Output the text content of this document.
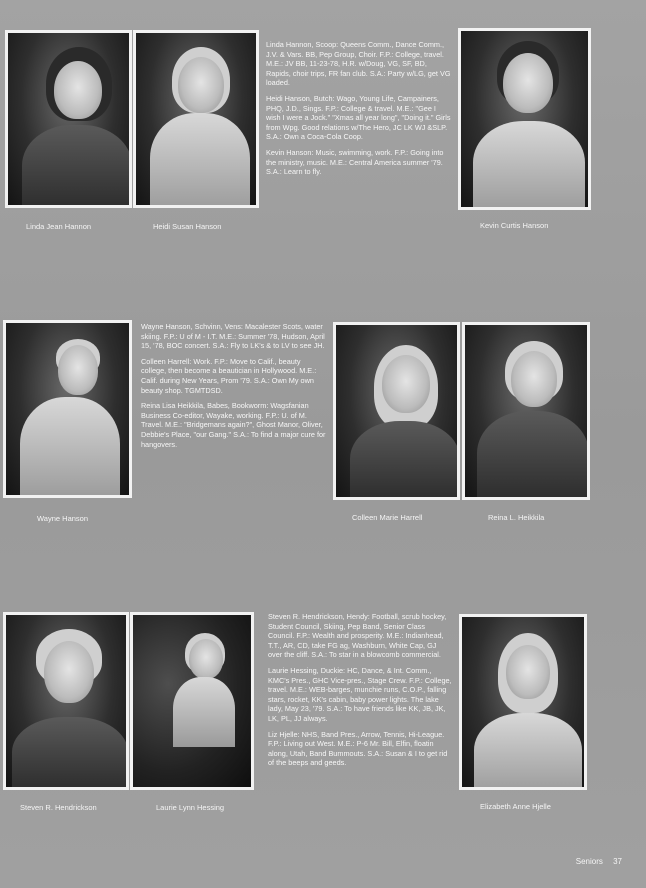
Linda Hannon, Scoop: Queens Comm., Dance Comm., J.V. & Vars. BB, Pep Group, Choir. F.P.: College, travel. M.E.: JV BB, 11-23-78, H.R. w/Doug, VG, SF, BD, Rapids, choir trips, FR fan club. S.A.: Party w/LG, get VG loaded.

Heidi Hanson, Butch: Wago, Young Life, Campainers, PHQ, J.D., Sings. F.P.: College & travel. M.E.: "Gee I wish I were a Jock." "Xmas all year long", "Doing it." Girls from Wpg. Good relations w/The Hero, JC LK WJ &SLP. S.A.: Own a Coca-Cola Coop.

Kevin Hanson: Music, swimming, work. F.P.: Going into the ministry, music. M.E.: Central America summer '79. S.A.: Learn to fly.

Linda Jean Hannon	Heidi Susan Hanson	Kevin Curtis Hanson

Wayne Hanson, Schvinn, Vens: Macalester Scots, water skiing. F.P.: U of M - I.T. M.E.: Summer '78, Hudson, April 15, '78, BOC concert. S.A.: Fly to LK's & to LV to see JH.

Colleen Harrell: Work. F.P.: Move to Calif., beauty college, then become a beautician in Hollywood. M.E.: Calif. during New Years, Prom '79. S.A.: Own My own beauty shop. TGMTDSD.

Reina Lisa Heikkila, Babes, Bookworm: Wagsfanian Business Co-editor, Wayake, working. F.P.: U. of M. Travel. M.E.: "Bridgemans again?", Ghost Manor, Oliver, Debbie's Place, "our Gang." S.A.: To find a major cure for hangovers.

Wayne Hanson	Colleen Marie Harrell	Reina L. Heikkila

Steven R. Hendrickson, Hendy: Football, scrub hockey, Student Council, Skiing, Pep Band, Senior Class Council. F.P.: Wealth and prosperity. M.E.: Indianhead, T.T., AR, CD, take FG ag, Washburn, White Cap, GJ over the cliff. S.A.: To star in a blowcomb commercial.

Laurie Hessing, Duckie: HC, Dance, & Int. Comm., KMC's Pres., GHC Vice-pres., Stage Crew. F.P.: College, travel. M.E.: WEB-barges, munchie runs, C.O.P., falling stars, rocket, KK's cabin, baby power lights. The lake lady, May 23, '79. S.A.: To have friends like KK, JB, JK, LK, PL, JJ always.

Liz Hjelle: NHS, Band Pres., Arrow, Tennis, Hi-League. F.P.: Living out West. M.E.: P-6 Mr. Bill, Elfin, floatin along, Utah, Band Bummouts. S.A.: Susan & I to get rid of the beeps and geeds.

Steven R. Hendrickson	Laurie Lynn Hessing	Elizabeth Anne Hjelle
Seniors 37
